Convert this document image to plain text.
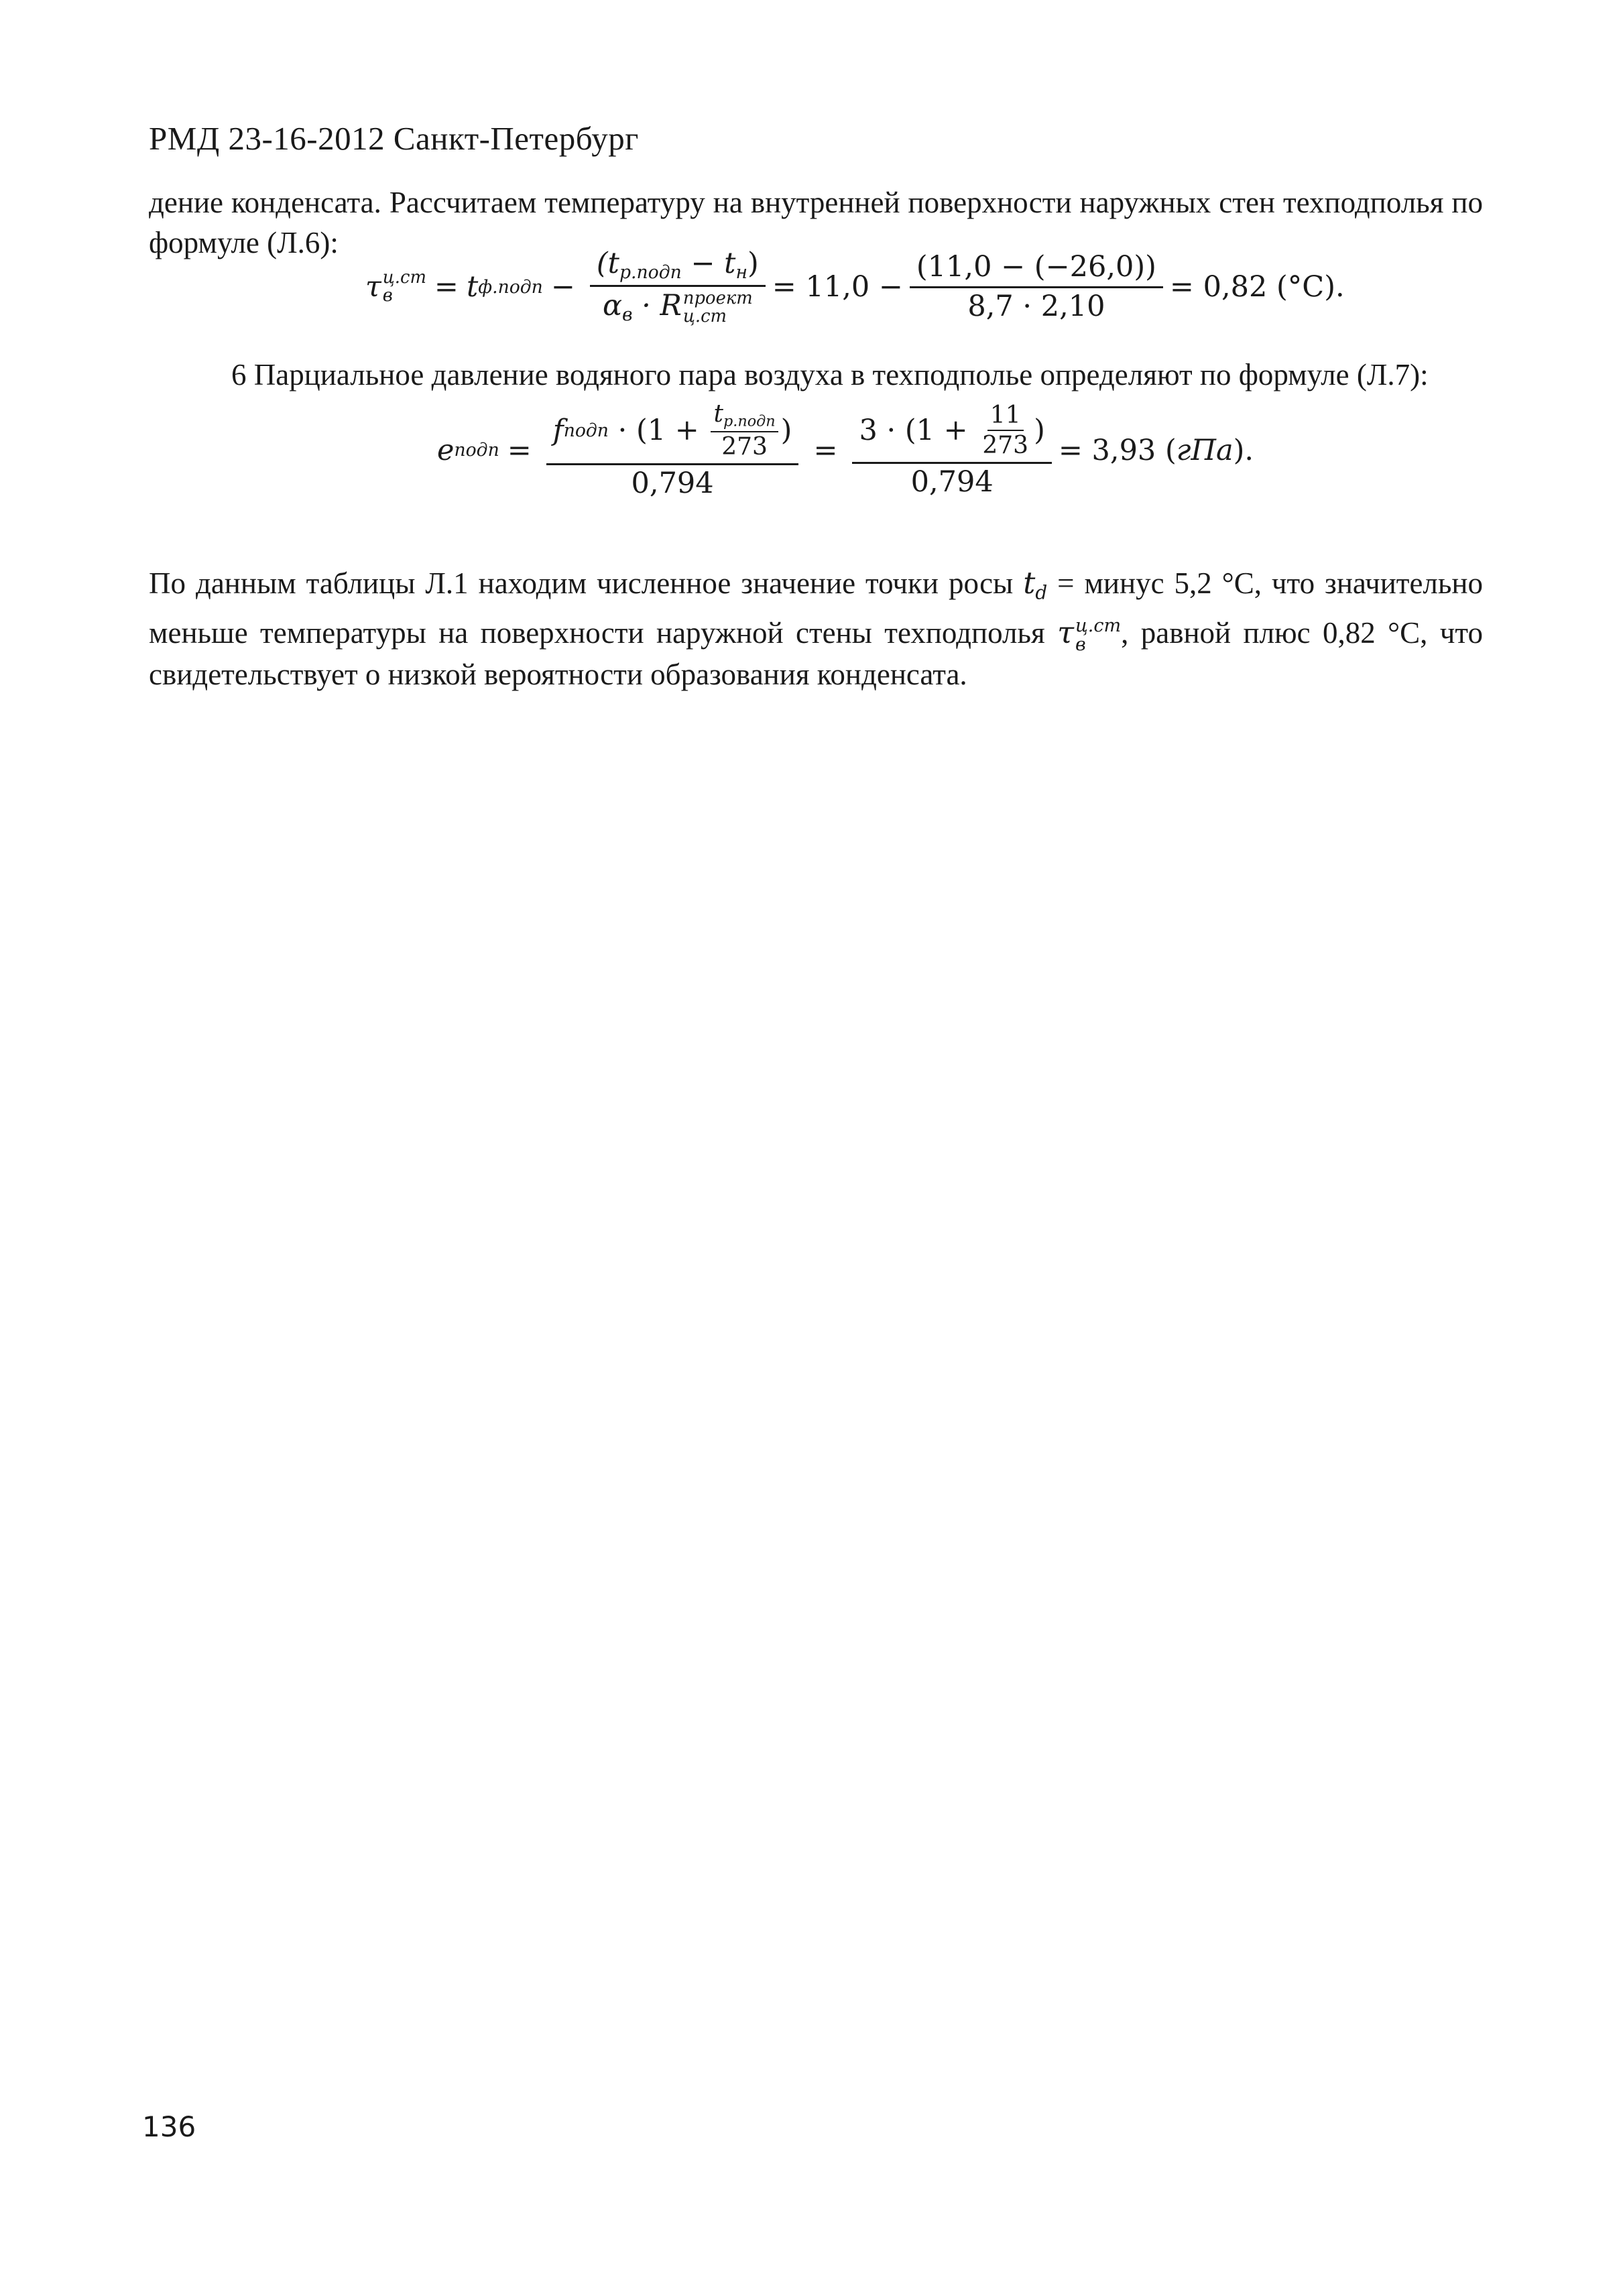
РМД 23-16-2012 Санкт-Петербург
дение конденсата. Рассчитаем температуру на внутренней поверхности наружных стен техподполья по формуле (Л.6):
τ ц.ст
в	= t ф.подп − $(t_{р.подп} - t_н)$
$\alpha_в \cdot R$ проект
$ц.ст = 11,0 - \frac{(11,0 - (-26,0))}{8,7 \cdot 2,10} = 0,82$ (°C).
6 Парциальное давление водяного пара воздуха в техподполье определяют по формуле (Л.7):
e подп =
f подп · ($1 + \frac{t_{р.подп}}{273}$ )
0,794
=
$3 \cdot (1 + \frac{11}{273}$ )
0,794
= 3,93 ( гПа ).
По данным таблицы Л.1 находим численное значение точки росы $t_d$ = минус 5,2 °С, что значительно меньше температуры на поверхности наружной стены техподполья τ ц.ст
в	, равной плюс 0,82 °С, что свидетельствует о низкой вероятности образования конденсата.
136
